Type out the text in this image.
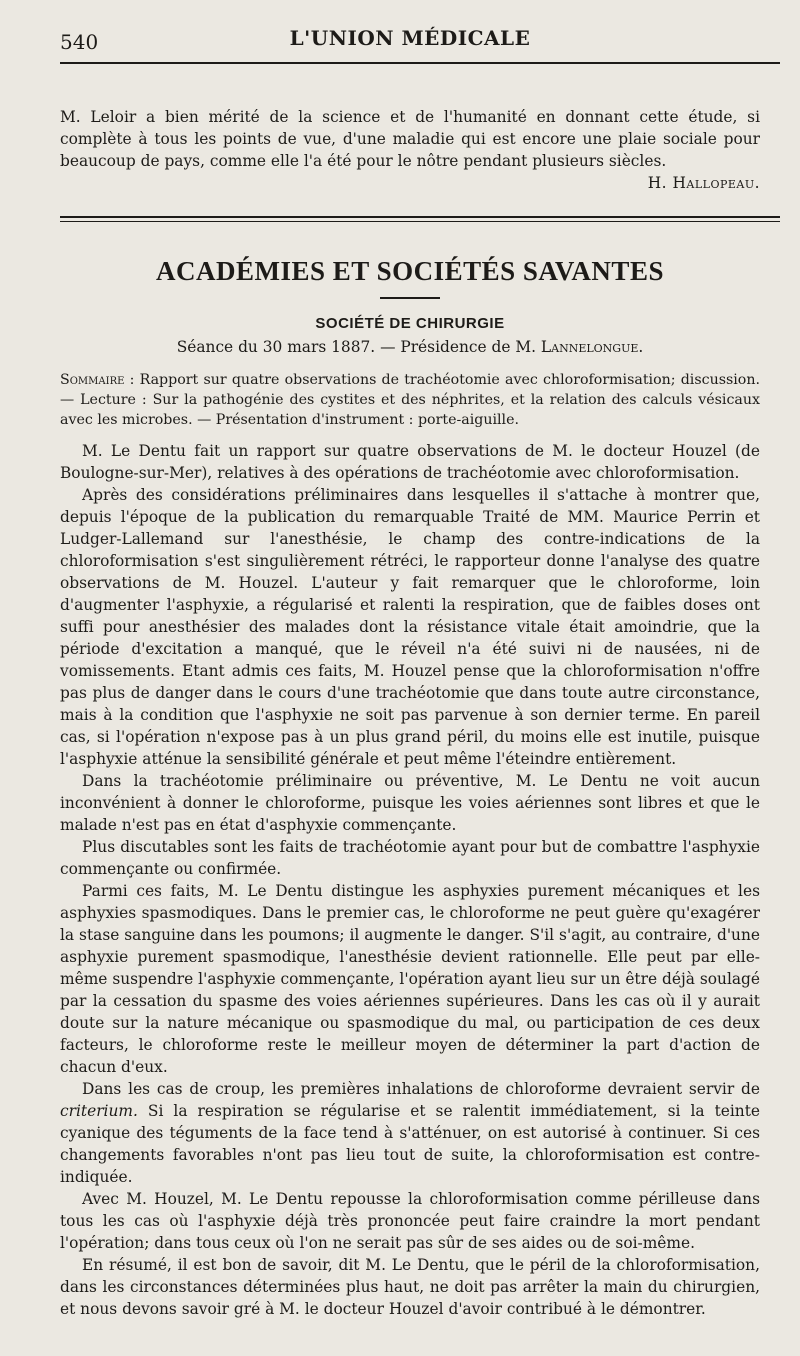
540	L'UNION MÉDICALE

M. Leloir a bien mérité de la science et de l'humanité en donnant cette étude, si complète à tous les points de vue, d'une maladie qui est encore une plaie sociale pour beaucoup de pays, comme elle l'a été pour le nôtre pendant plusieurs siècles.

H. Hallopeau.
ACADÉMIES ET SOCIÉTÉS SAVANTES
SOCIÉTÉ DE CHIRURGIE
Séance du 30 mars 1887. — Présidence de M. Lannelongue.

Sommaire : Rapport sur quatre observations de trachéotomie avec chloroformisation; discussion. — Lecture : Sur la pathogénie des cystites et des néphrites, et la relation des calculs vésicaux avec les microbes. — Présentation d'instrument : porte-aiguille.

M. Le Dentu fait un rapport sur quatre observations de M. le docteur Houzel (de Boulogne-sur-Mer), relatives à des opérations de trachéotomie avec chloroformisation.

Après des considérations préliminaires dans lesquelles il s'attache à montrer que, depuis l'époque de la publication du remarquable Traité de MM. Maurice Perrin et Ludger-Lallemand sur l'anesthésie, le champ des contre-indications de la chloroformisation s'est singulièrement rétréci, le rapporteur donne l'analyse des quatre observations de M. Houzel. L'auteur y fait remarquer que le chloroforme, loin d'augmenter l'asphyxie, a régularisé et ralenti la respiration, que de faibles doses ont suffi pour anesthésier des malades dont la résistance vitale était amoindrie, que la période d'excitation a manqué, que le réveil n'a été suivi ni de nausées, ni de vomissements. Etant admis ces faits, M. Houzel pense que la chloroformisation n'offre pas plus de danger dans le cours d'une trachéotomie que dans toute autre circonstance, mais à la condition que l'asphyxie ne soit pas parvenue à son dernier terme. En pareil cas, si l'opération n'expose pas à un plus grand péril, du moins elle est inutile, puisque l'asphyxie atténue la sensibilité générale et peut même l'éteindre entièrement.

Dans la trachéotomie préliminaire ou préventive, M. Le Dentu ne voit aucun inconvénient à donner le chloroforme, puisque les voies aériennes sont libres et que le malade n'est pas en état d'asphyxie commençante.

Plus discutables sont les faits de trachéotomie ayant pour but de combattre l'asphyxie commençante ou confirmée.

Parmi ces faits, M. Le Dentu distingue les asphyxies purement mécaniques et les asphyxies spasmodiques. Dans le premier cas, le chloroforme ne peut guère qu'exagérer la stase sanguine dans les poumons; il augmente le danger. S'il s'agit, au contraire, d'une asphyxie purement spasmodique, l'anesthésie devient rationnelle. Elle peut par elle-même suspendre l'asphyxie commençante, l'opération ayant lieu sur un être déjà soulagé par la cessation du spasme des voies aériennes supérieures. Dans les cas où il y aurait doute sur la nature mécanique ou spasmodique du mal, ou participation de ces deux facteurs, le chloroforme reste le meilleur moyen de déterminer la part d'action de chacun d'eux.

Dans les cas de croup, les premières inhalations de chloroforme devraient servir de criterium. Si la respiration se régularise et se ralentit immédiatement, si la teinte cyanique des téguments de la face tend à s'atténuer, on est autorisé à continuer. Si ces changements favorables n'ont pas lieu tout de suite, la chloroformisation est contre-indiquée.

Avec M. Houzel, M. Le Dentu repousse la chloroformisation comme périlleuse dans tous les cas où l'asphyxie déjà très prononcée peut faire craindre la mort pendant l'opération; dans tous ceux où l'on ne serait pas sûr de ses aides ou de soi-même.

En résumé, il est bon de savoir, dit M. Le Dentu, que le péril de la chloroformisation, dans les circonstances déterminées plus haut, ne doit pas arrêter la main du chirurgien, et nous devons savoir gré à M. le docteur Houzel d'avoir contribué à le démontrer.
